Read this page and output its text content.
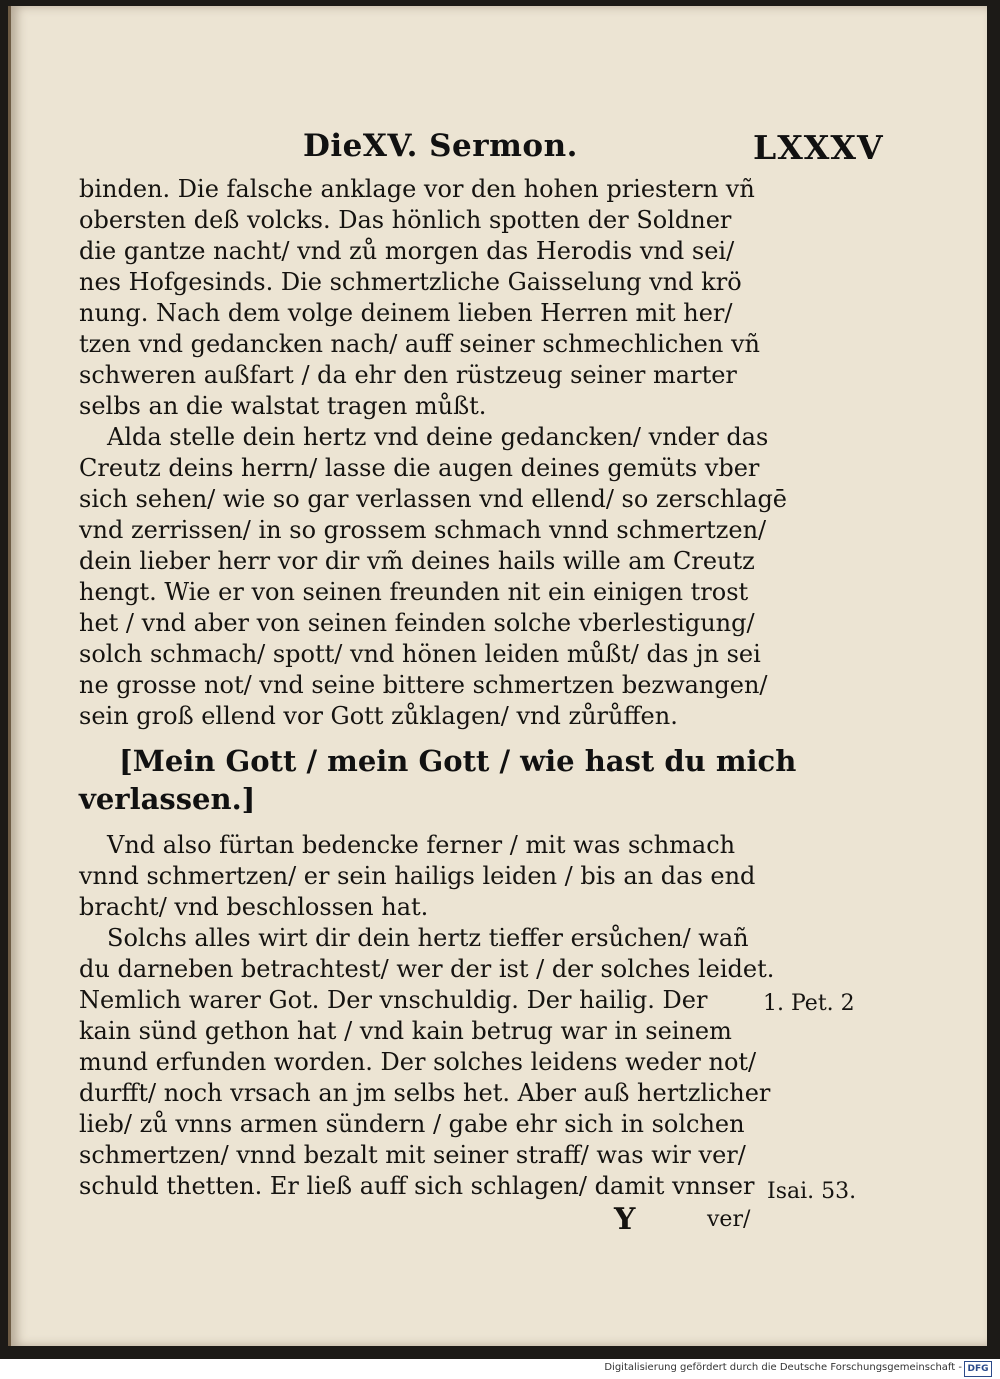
DieXV. Sermon.	LXXXV
binden. Die falsche anklage vor den hohen priestern vñ
obersten deß volcks. Das hönlich spotten der Soldner
die gantze nacht/ vnd zů morgen das Herodis vnd sei/
nes Hofgesinds. Die schmertzliche Gaisselung vnd krö
nung. Nach dem volge deinem lieben Herren mit her/
tzen vnd gedancken nach/ auff seiner schmechlichen vñ
schweren außfart / da ehr den rüstzeug seiner marter
selbs an die walstat tragen můßt.
Alda stelle dein hertz vnd deine gedancken/ vnder das
Creutz deins herrn/ lasse die augen deines gemüts vber
sich sehen/ wie so gar verlassen vnd ellend/ so zerschlagē
vnd zerrissen/ in so grossem schmach vnnd schmertzen/
dein lieber herr vor dir vm̃ deines hails wille am Creutz
hengt. Wie er von seinen freunden nit ein einigen trost
het / vnd aber von seinen feinden solche vberlestigung/
solch schmach/ spott/ vnd hönen leiden můßt/ das jn sei
ne grosse not/ vnd seine bittere schmertzen bezwangen/
sein groß ellend vor Gott zůklagen/ vnd zůrůffen.
[Mein Gott / mein Gott / wie hast du mich
verlassen.]
Vnd also fürtan bedencke ferner / mit was schmach
vnnd schmertzen/ er sein hailigs leiden / bis an das end
bracht/ vnd beschlossen hat.
Solchs alles wirt dir dein hertz tieffer ersůchen/ wañ
du darneben betrachtest/ wer der ist / der solches leidet.
Nemlich warer Got. Der vnschuldig. Der hailig. Der
kain sünd gethon hat / vnd kain betrug war in seinem
mund erfunden worden. Der solches leidens weder not/
durfft/ noch vrsach an jm selbs het. Aber auß hertzlicher
lieb/ zů vnns armen sündern / gabe ehr sich in solchen
schmertzen/ vnnd bezalt mit seiner straff/ was wir ver/
schuld thetten. Er ließ auff sich schlagen/ damit vnnser
1. Pet. 2
Isai. 53.
Y	ver/
Digitalisierung gefördert durch die Deutsche Forschungsgemeinschaft - DFG
